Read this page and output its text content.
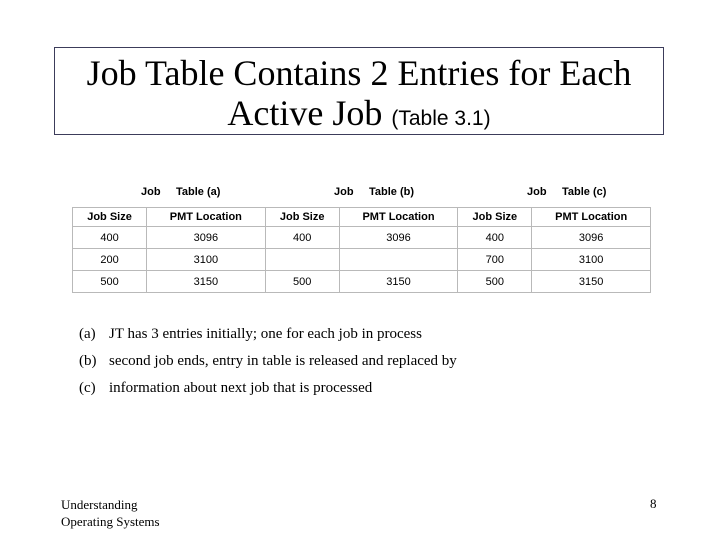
Job Table Contains 2 Entries for Each
Active Job (Table 3.1)
Job Table (a)	Job Table (b)	Job Table (c)
Job Size	PMT Location	Job Size	PMT Location	Job Size	PMT Location
400	3096	400	3096	400	3096
200	3100			700	3100
500	3150	500	3150	500	3150
(a) JT has 3 entries initially; one for each job in process
(b) second job ends, entry in table is released and replaced by
(c) information about next job that is processed
Understanding
Operating Systems
8
